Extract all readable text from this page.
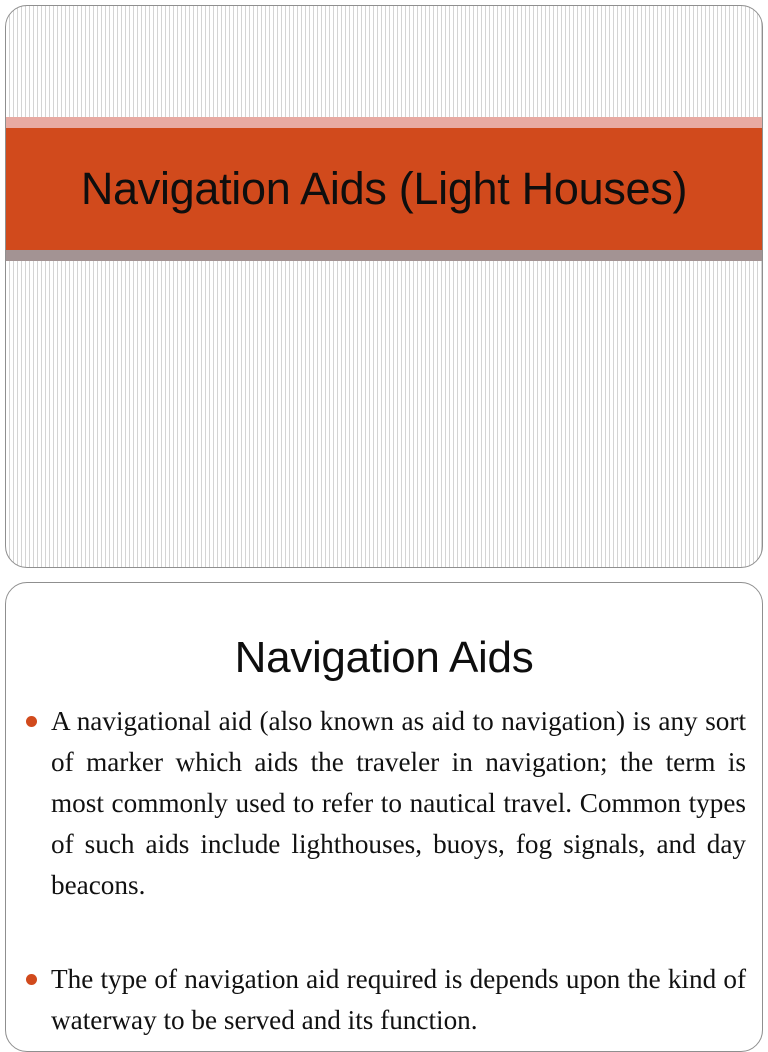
Navigation Aids (Light Houses)
Navigation Aids
A navigational aid (also known as aid to navigation) is any sort of marker which aids the traveler in navigation; the term is most commonly used to refer to nautical travel. Common types of such aids include lighthouses, buoys, fog signals, and day beacons.
The type of navigation aid required is depends upon the kind of waterway to be served and its function.
